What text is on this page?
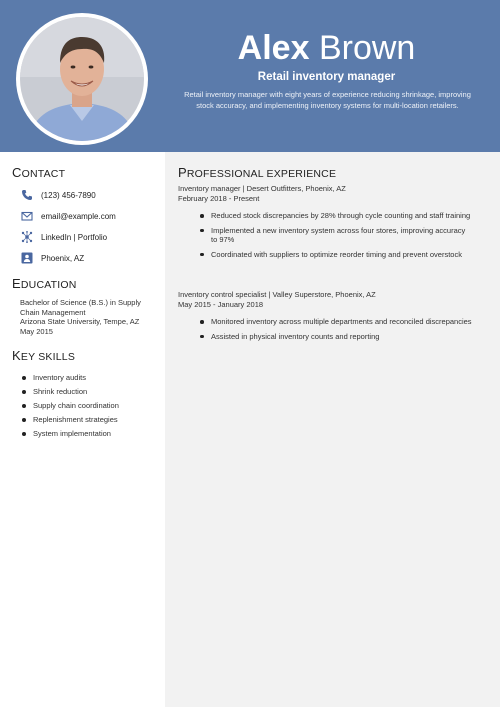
Alex Brown
Retail inventory manager
Retail inventory manager with eight years of experience reducing shrinkage, improving stock accuracy, and implementing inventory systems for multi-location retailers.
CONTACT
(123) 456-7890
email@example.com
LinkedIn | Portfolio
Phoenix, AZ
EDUCATION
Bachelor of Science (B.S.) in Supply Chain Management
Arizona State University, Tempe, AZ
May 2015
KEY SKILLS
Inventory audits
Shrink reduction
Supply chain coordination
Replenishment strategies
System implementation
PROFESSIONAL EXPERIENCE
Inventory manager | Desert Outfitters, Phoenix, AZ
February 2018 - Present
Reduced stock discrepancies by 28% through cycle counting and staff training
Implemented a new inventory system across four stores, improving accuracy to 97%
Coordinated with suppliers to optimize reorder timing and prevent overstock
Inventory control specialist | Valley Superstore, Phoenix, AZ
May 2015 - January 2018
Monitored inventory across multiple departments and reconciled discrepancies
Assisted in physical inventory counts and reporting
